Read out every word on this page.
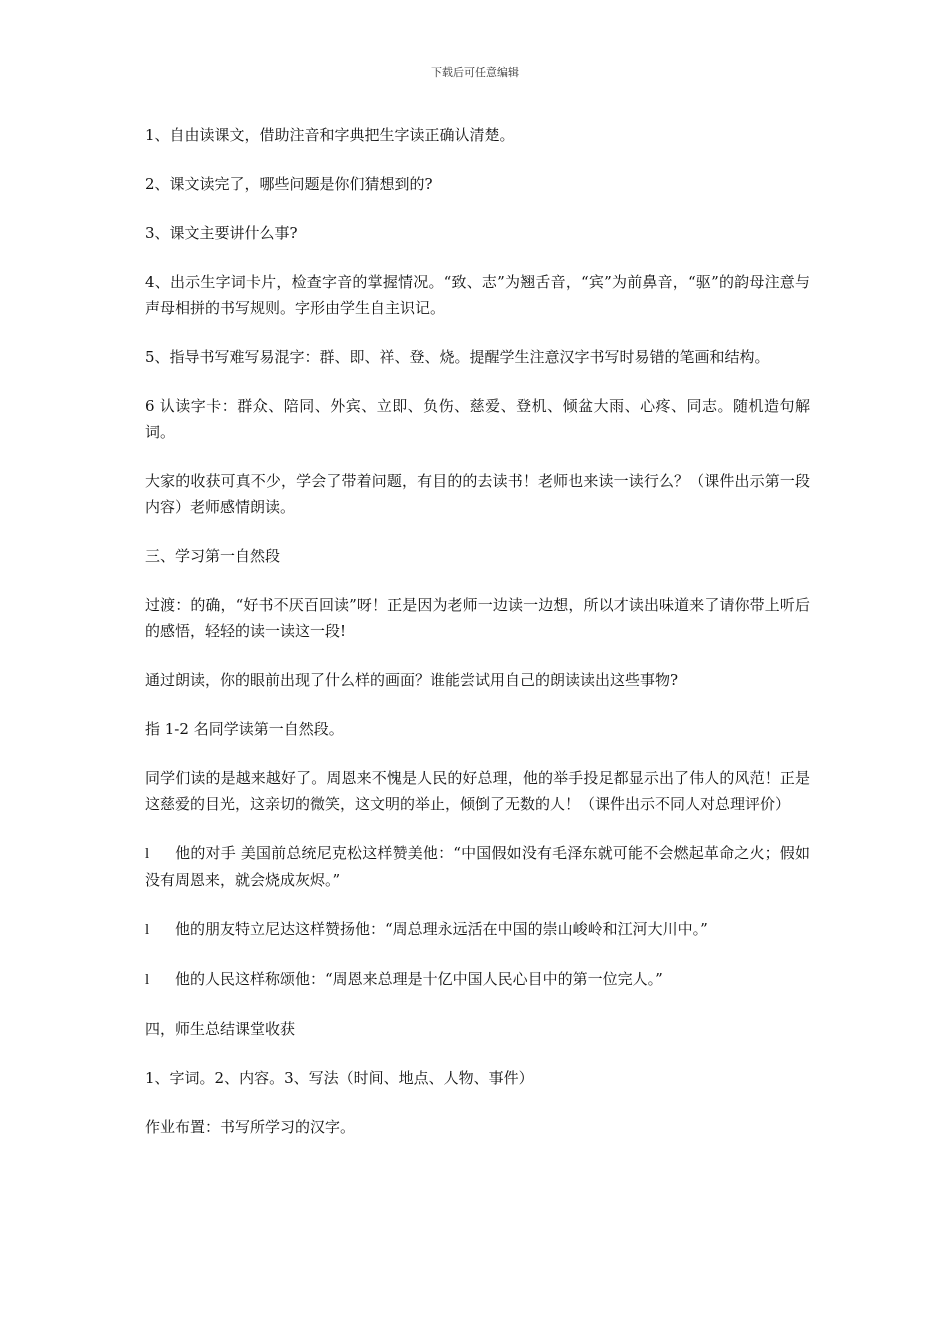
下载后可任意编辑

1、自由读课文，借助注音和字典把生字读正确认清楚。

2、课文读完了，哪些问题是你们猜想到的?

3、课文主要讲什么事?

4、出示生字词卡片，检查字音的掌握情况。“致、志”为翘舌音，“宾”为前鼻音，“驱”的韵母注意与声母相拼的书写规则。字形由学生自主识记。

5、指导书写难写易混字：群、即、祥、登、烧。提醒学生注意汉字书写时易错的笔画和结构。

6 认读字卡：群众、陪同、外宾、立即、负伤、慈爱、登机、倾盆大雨、心疼、同志。随机造句解词。

大家的收获可真不少，学会了带着问题，有目的的去读书！老师也来读一读行么？（课件出示第一段内容）老师感情朗读。

三、学习第一自然段

过渡：的确，“好书不厌百回读”呀！正是因为老师一边读一边想，所以才读出味道来了请你带上听后的感悟，轻轻的读一读这一段!

通过朗读，你的眼前出现了什么样的画面？谁能尝试用自己的朗读读出这些事物?

指 1-2 名同学读第一自然段。

同学们读的是越来越好了。周恩来不愧是人民的好总理，他的举手投足都显示出了伟人的风范！正是这慈爱的目光，这亲切的微笑，这文明的举止，倾倒了无数的人！（课件出示不同人对总理评价）

l 他的对手 美国前总统尼克松这样赞美他：“中国假如没有毛泽东就可能不会燃起革命之火；假如没有周恩来，就会烧成灰烬。”

l 他的朋友特立尼达这样赞扬他：“周总理永远活在中国的崇山峻岭和江河大川中。”

l 他的人民这样称颂他：“周恩来总理是十亿中国人民心目中的第一位完人。”

四，师生总结课堂收获

1、字词。2、内容。3、写法（时间、地点、人物、事件）

作业布置：书写所学习的汉字。
